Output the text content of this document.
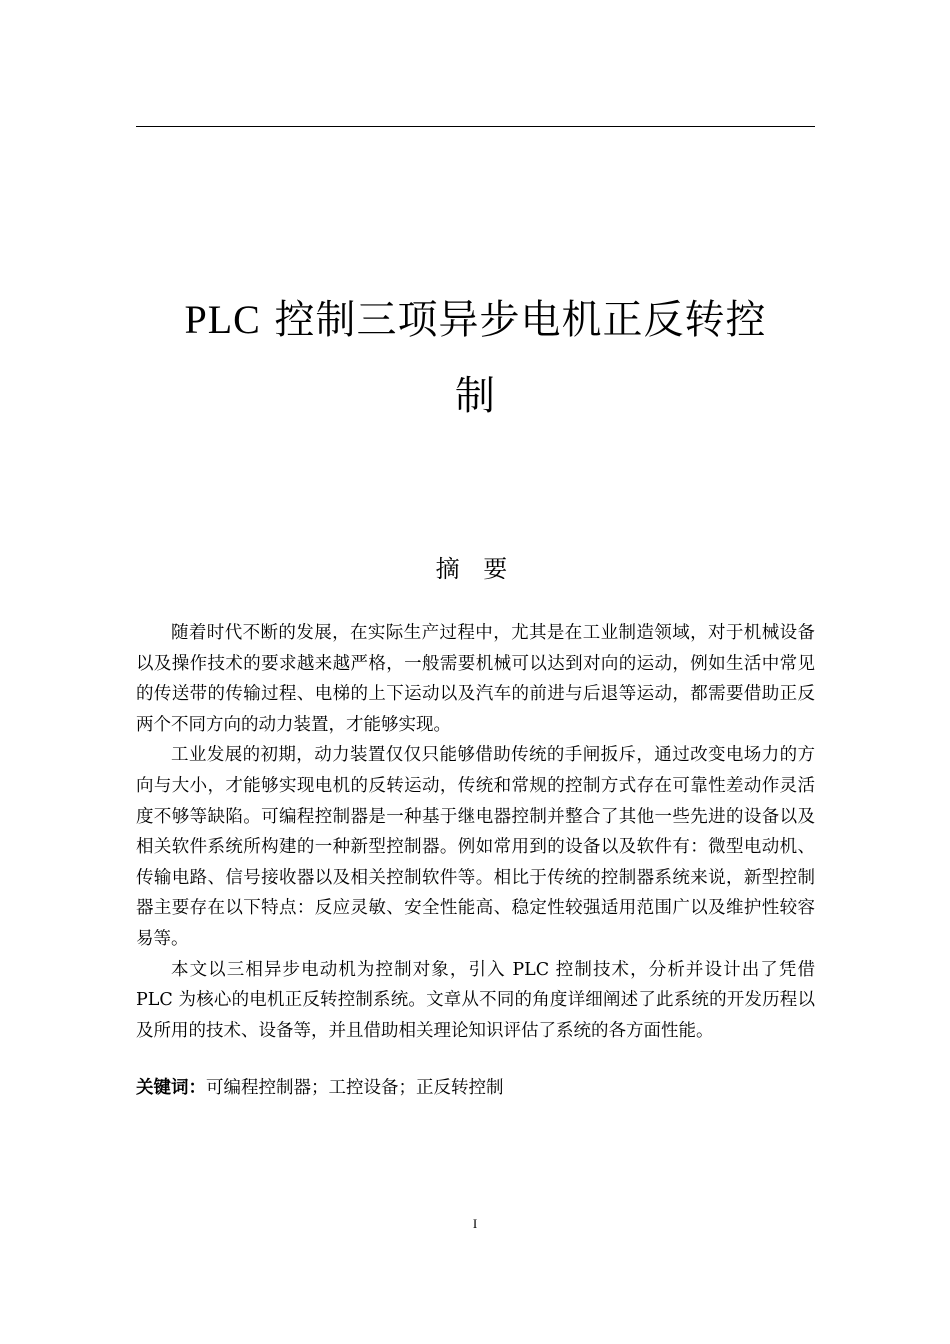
PLC 控制三项异步电机正反转控
制
摘 要

随着时代不断的发展，在实际生产过程中，尤其是在工业制造领域，对于机械设备以及操作技术的要求越来越严格，一般需要机械可以达到对向的运动，例如生活中常见的传送带的传输过程、电梯的上下运动以及汽车的前进与后退等运动，都需要借助正反两个不同方向的动力装置，才能够实现。

工业发展的初期，动力装置仅仅只能够借助传统的手闸扳斥，通过改变电场力的方向与大小，才能够实现电机的反转运动，传统和常规的控制方式存在可靠性差动作灵活度不够等缺陷。可编程控制器是一种基于继电器控制并整合了其他一些先进的设备以及相关软件系统所构建的一种新型控制器。例如常用到的设备以及软件有：微型电动机、传输电路、信号接收器以及相关控制软件等。相比于传统的控制器系统来说，新型控制器主要存在以下特点：反应灵敏、安全性能高、稳定性较强适用范围广以及维护性较容易等。

本文以三相异步电动机为控制对象，引入 PLC 控制技术，分析并设计出了凭借 PLC 为核心的电机正反转控制系统。文章从不同的角度详细阐述了此系统的开发历程以及所用的技术、设备等，并且借助相关理论知识评估了系统的各方面性能。

关键词：可编程控制器；工控设备；正反转控制
I
